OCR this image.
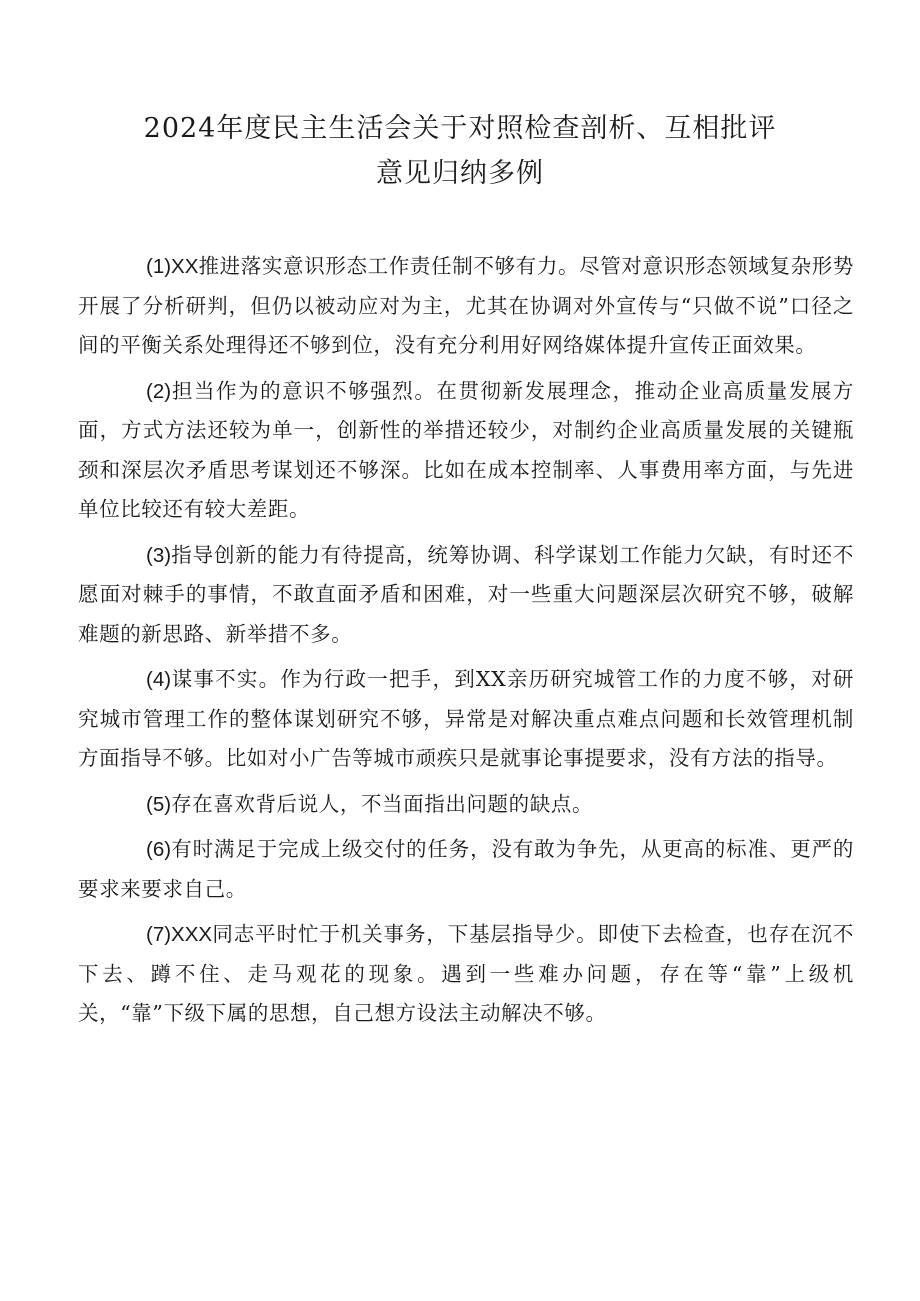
2024年度民主生活会关于对照检查剖析、互相批评
意见归纳多例

(1)XX推进落实意识形态工作责任制不够有力。尽管对意识形态领域复杂形势开展了分析研判，但仍以被动应对为主，尤其在协调对外宣传与“只做不说”口径之间的平衡关系处理得还不够到位，没有充分利用好网络媒体提升宣传正面效果。

(2)担当作为的意识不够强烈。在贯彻新发展理念，推动企业高质量发展方面，方式方法还较为单一，创新性的举措还较少，对制约企业高质量发展的关键瓶颈和深层次矛盾思考谋划还不够深。比如在成本控制率、人事费用率方面，与先进单位比较还有较大差距。

(3)指导创新的能力有待提高，统筹协调、科学谋划工作能力欠缺，有时还不愿面对棘手的事情，不敢直面矛盾和困难，对一些重大问题深层次研究不够，破解难题的新思路、新举措不多。

(4)谋事不实。作为行政一把手，到XX亲历研究城管工作的力度不够，对研究城市管理工作的整体谋划研究不够，异常是对解决重点难点问题和长效管理机制方面指导不够。比如对小广告等城市顽疾只是就事论事提要求，没有方法的指导。

(5)存在喜欢背后说人，不当面指出问题的缺点。

(6)有时满足于完成上级交付的任务，没有敢为争先，从更高的标准、更严的要求来要求自己。

(7)XXX同志平时忙于机关事务，下基层指导少。即使下去检查，也存在沉不下去、蹲不住、走马观花的现象。遇到一些难办问题，存在等“靠”上级机关，“靠”下级下属的思想，自己想方设法主动解决不够。
